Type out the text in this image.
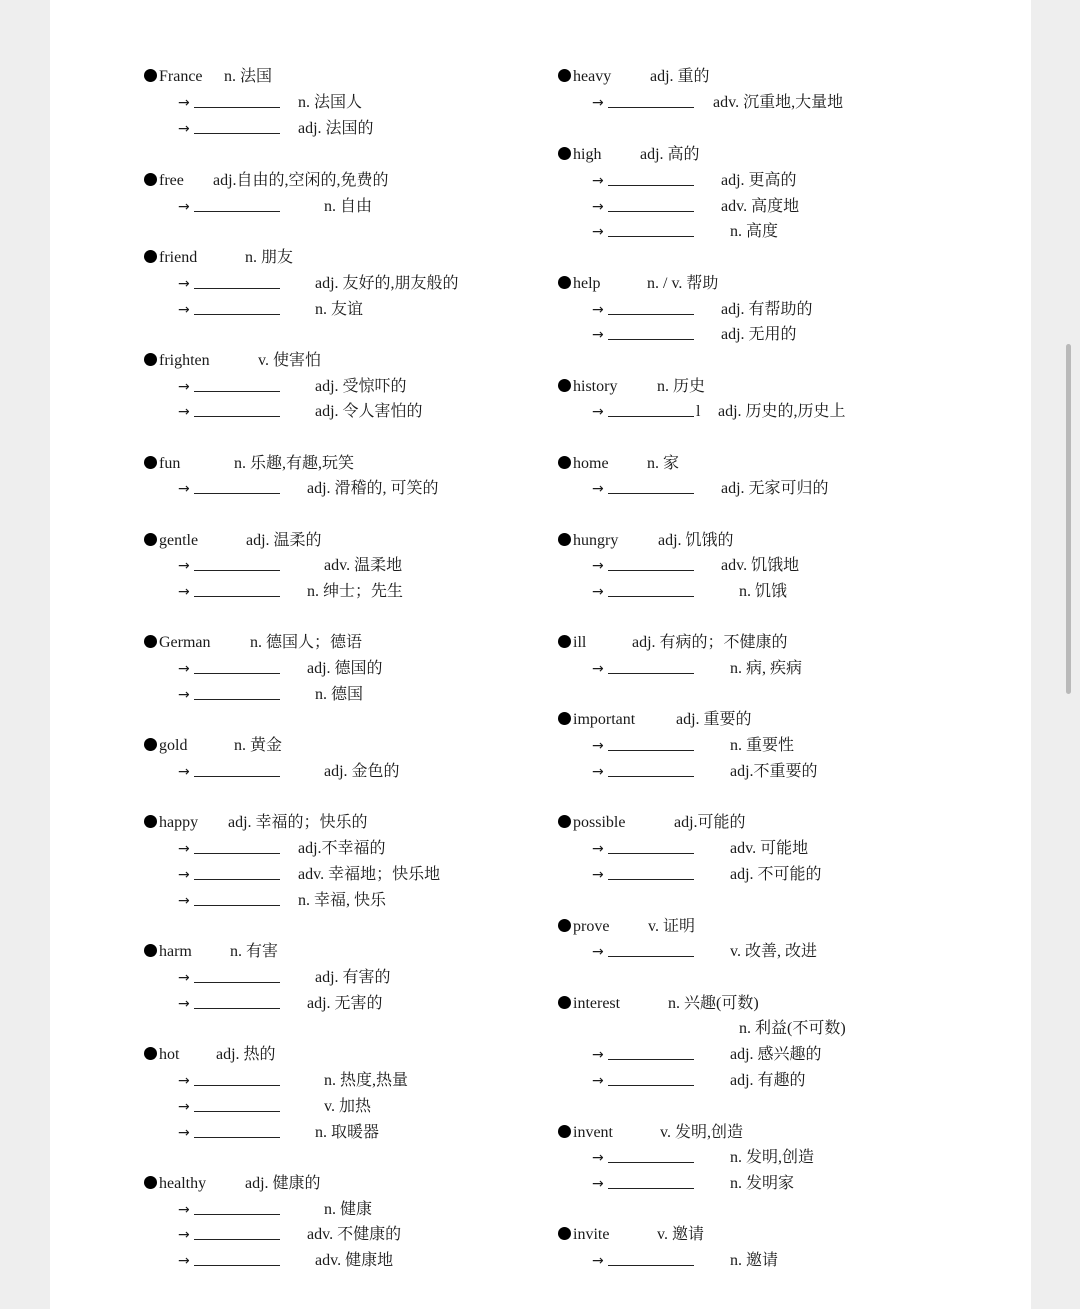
France n. 法国
→	n. 法国人
→	adj. 法国的
free adj.自由的,空闲的,免费的
→	n. 自由
friend	n. 朋友
→	adj. 友好的,朋友般的
→	n. 友谊
frighten	v. 使害怕
→	adj. 受惊吓的
→	adj. 令人害怕的
fun	n. 乐趣,有趣,玩笑
→	adj. 滑稽的, 可笑的
gentle	adj. 温柔的
→	adv. 温柔地
→	n. 绅士；先生
German n. 德国人；德语
→	adj. 德国的
→	n. 德国
gold	n. 黄金
→	adj. 金色的
happy adj. 幸福的；快乐的
→	adj.不幸福的
→	adv. 幸福地；快乐地
→	n. 幸福, 快乐
harm n. 有害
→	adj. 有害的
→	adj. 无害的
hot adj. 热的
→	n. 热度,热量
→	v. 加热
→	n. 取暖器
healthy adj. 健康的
→	n. 健康
→	adv. 不健康的
→	adv. 健康地
heavy adj. 重的
→	adv. 沉重地,大量地
high adj. 高的
→	adj. 更高的
→	adv. 高度地
→	n. 高度
help	n. / v. 帮助
→	adj. 有帮助的
→	adj. 无用的
history n. 历史
→	l adj. 历史的,历史上
home n. 家
→	adj. 无家可归的
hungry adj. 饥饿的
→	adv. 饥饿地
→	n. 饥饿
ill	adj. 有病的；不健康的
→	n. 病, 疾病
important	adj. 重要的
→	n. 重要性
→	adj.不重要的
possible	adj.可能的
→	adv. 可能地
→	adj. 不可能的
prove v. 证明
→	v. 改善, 改进
interest	n. 兴趣(可数)
n. 利益(不可数)
→	adj. 感兴趣的
→	adj. 有趣的
invent	v. 发明,创造
→	n. 发明,创造
→	n. 发明家
invite	v. 邀请
→	n. 邀请
